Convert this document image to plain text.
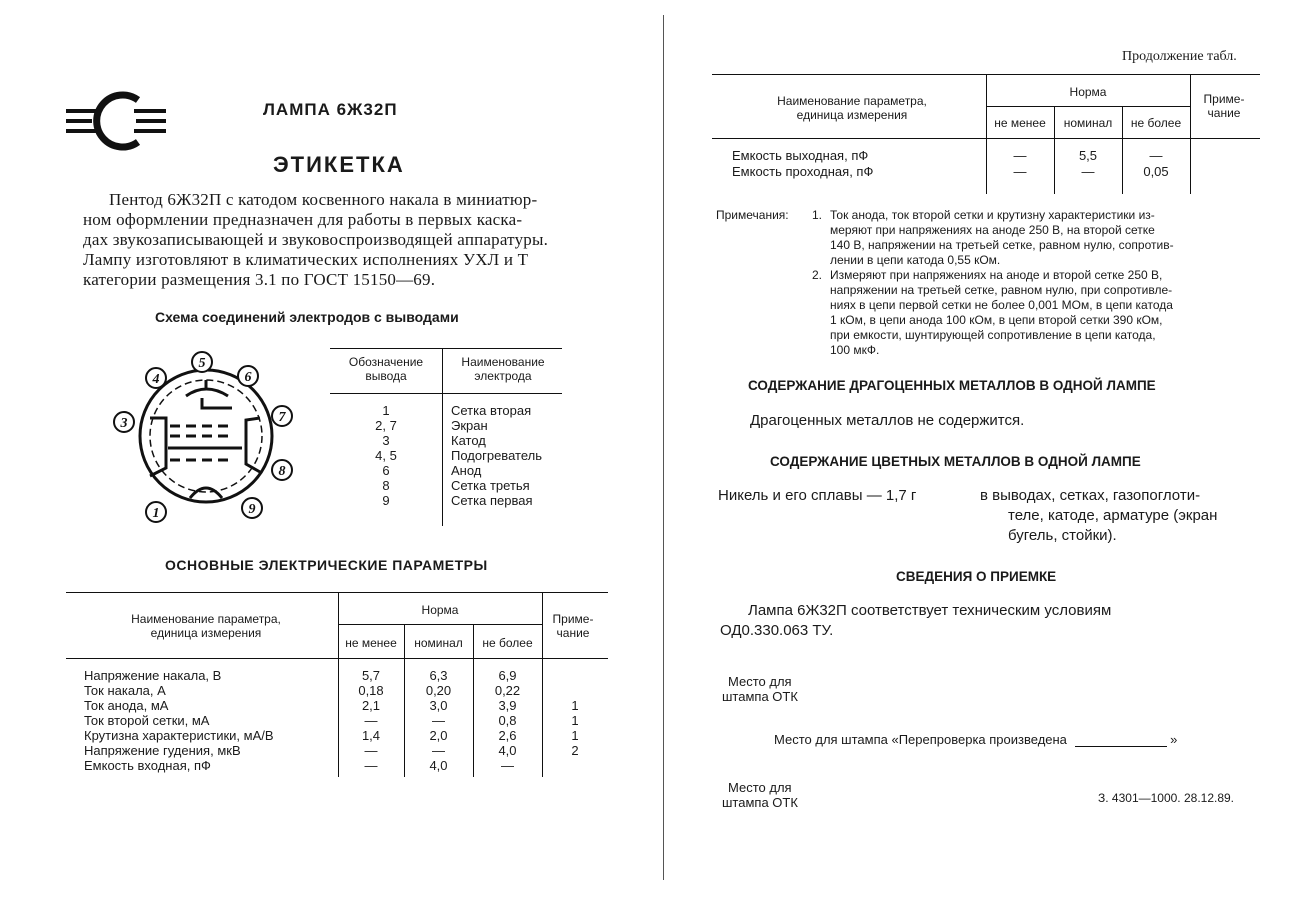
ЛАМПА 6Ж32П
ЭТИКЕТКА
Пентод 6Ж32П с катодом косвенного накала в миниатюр-
ном оформлении предназначен для работы в первых каска-
дах звукозаписывающей и звуковоспроизводящей аппаратуры.
Лампу изготовляют в климатических исполнениях УХЛ и Т
категории размещения 3.1 по ГОСТ 15150—69.
Схема соединений электродов с выводами
1
3
4
5
6
7
8
9
Обозначение вывода
Наименование электрода
1	Сетка вторая
2, 7	Экран
3	Катод
4, 5	Подогреватель
6	Анод
8	Сетка третья
9	Сетка первая
ОСНОВНЫЕ ЭЛЕКТРИЧЕСКИЕ ПАРАМЕТРЫ
Наименование параметра, единица измерения
Норма
не менее	номинал	не более
Приме-чание
Напряжение накала, В	5,7	6,3	6,9
Ток накала, А	0,18	0,20	0,22
Ток анода, мА	2,1	3,0	3,9	1
Ток второй сетки, мА	—	—	0,8	1
Крутизна характеристики, мА/В	1,4	2,0	2,6	1
Напряжение гудения, мкВ	—	—	4,0	2
Емкость входная, пФ	—	4,0	—
Продолжение табл.
Наименование параметра, единица измерения
Норма
не менее	номинал	не более
Приме-чание
Емкость выходная, пФ	—	5,5	—
Емкость проходная, пФ	—	—	0,05
Примечания: 1. Ток анода, ток второй сетки и крутизну характеристики из-
меряют при напряжениях на аноде 250 В, на второй сетке
140 В, напряжении на третьей сетке, равном нулю, сопротив-
лении в цепи катода 0,55 кОм.
2. Измеряют при напряжениях на аноде и второй сетке 250 В,
напряжении на третьей сетке, равном нулю, при сопротивле-
ниях в цепи первой сетки не более 0,001 МОм, в цепи катода
1 кОм, в цепи анода 100 кОм, в цепи второй сетки 390 кОм,
при емкости, шунтирующей сопротивление в цепи катода,
100 мкФ.
СОДЕРЖАНИЕ ДРАГОЦЕННЫХ МЕТАЛЛОВ В ОДНОЙ ЛАМПЕ
Драгоценных металлов не содержится.
СОДЕРЖАНИЕ ЦВЕТНЫХ МЕТАЛЛОВ В ОДНОЙ ЛАМПЕ
Никель и его сплавы — 1,7 г	в выводах, сетках, газопоглоти-
теле, катоде, арматуре (экран
бугель, стойки).
СВЕДЕНИЯ О ПРИЕМКЕ
Лампа 6Ж32П соответствует техническим условиям
ОД0.330.063 ТУ.
Место для
штампа ОТК
Место для штампа «Перепроверка произведена	»
Место для
штампа ОТК	З. 4301—1000. 28.12.89.
